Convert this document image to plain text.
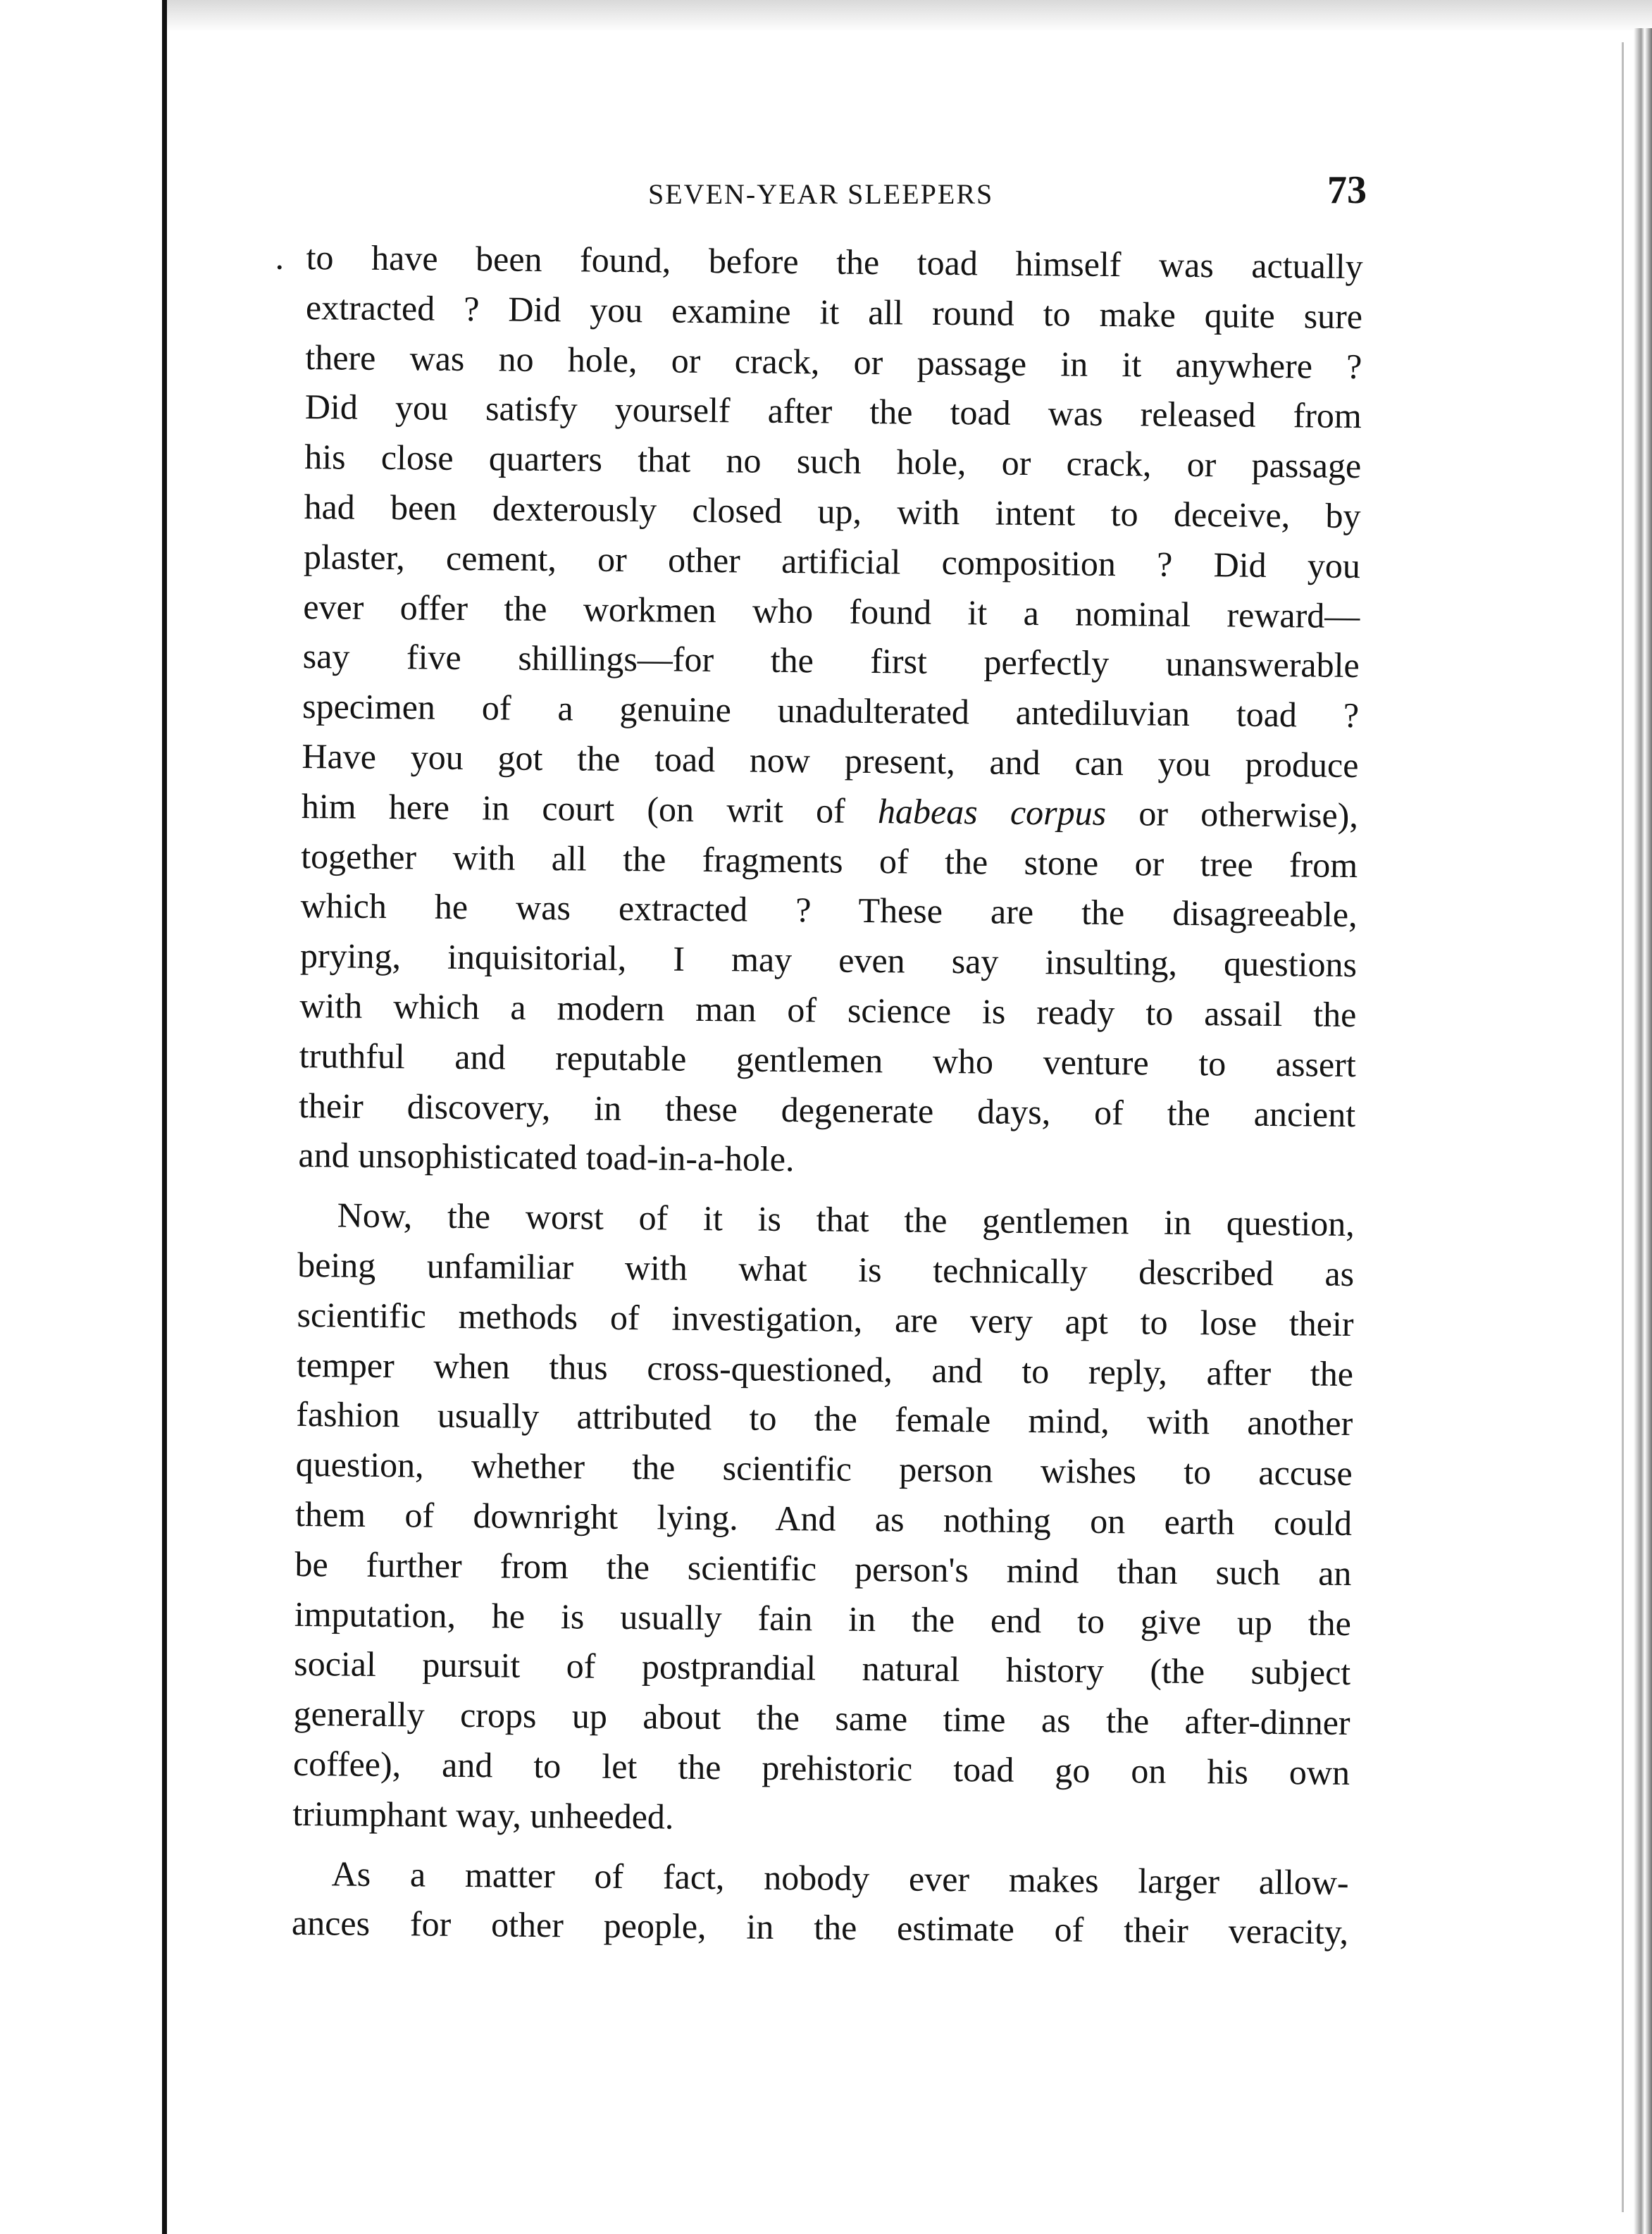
SEVEN-YEAR SLEEPERS	73
. to have been found, before the toad himself was actually
extracted ? Did you examine it all round to make quite sure
there was no hole, or crack, or passage in it anywhere ?
Did you satisfy yourself after the toad was released from
his close quarters that no such hole, or crack, or passage
had been dexterously closed up, with intent to deceive, by
plaster, cement, or other artificial composition ? Did you
ever offer the workmen who found it a nominal reward—
say five shillings—for the first perfectly unanswerable
specimen of a genuine unadulterated antediluvian toad ?
Have you got the toad now present, and can you produce
him here in court (on writ of habeas corpus or otherwise),
together with all the fragments of the stone or tree from
which he was extracted ? These are the disagreeable,
prying, inquisitorial, I may even say insulting, questions
with which a modern man of science is ready to assail the
truthful and reputable gentlemen who venture to assert
their discovery, in these degenerate days, of the ancient
and unsophisticated toad-in-a-hole.
Now, the worst of it is that the gentlemen in question,
being unfamiliar with what is technically described as
scientific methods of investigation, are very apt to lose their
temper when thus cross-questioned, and to reply, after the
fashion usually attributed to the female mind, with another
question, whether the scientific person wishes to accuse
them of downright lying. And as nothing on earth could
be further from the scientific person's mind than such an
imputation, he is usually fain in the end to give up the
social pursuit of postprandial natural history (the subject
generally crops up about the same time as the after-dinner
coffee), and to let the prehistoric toad go on his own
triumphant way, unheeded.
As a matter of fact, nobody ever makes larger allow-
ances for other people, in the estimate of their veracity,
